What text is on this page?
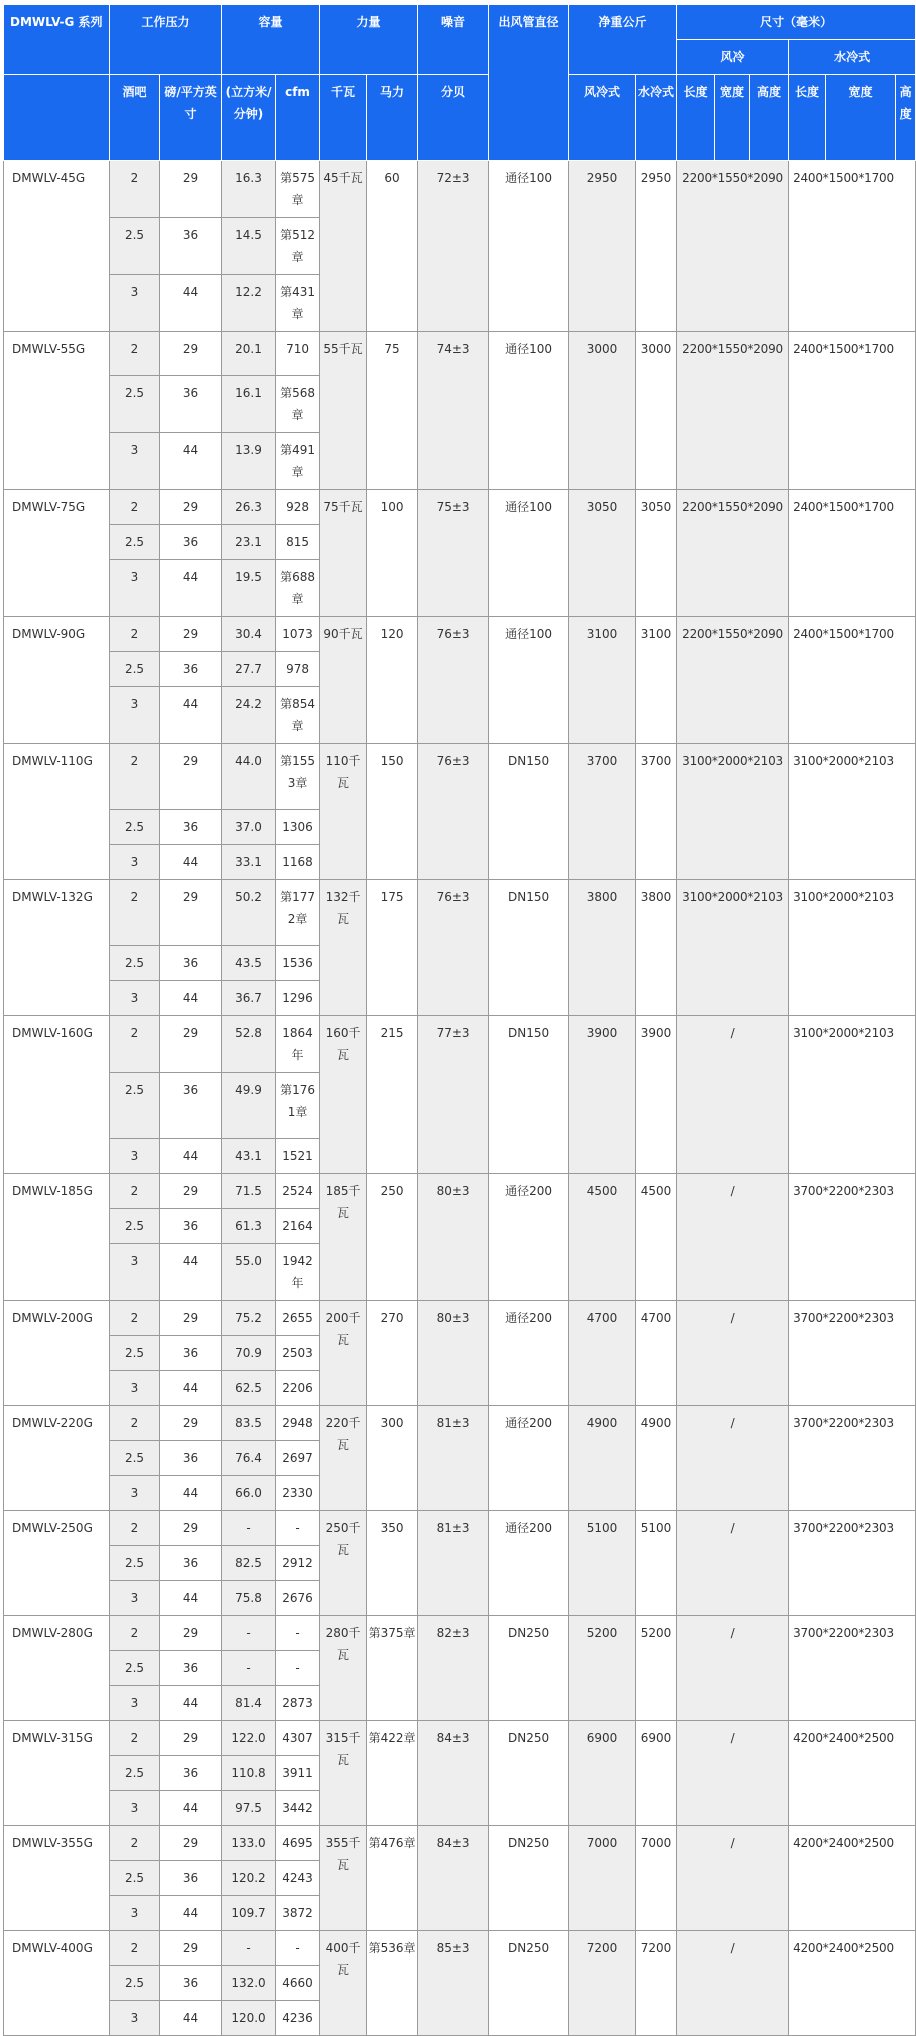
DMWLV-G 系列	工作压力		容量		力量		噪音	出风管直径	净重公斤		尺寸（毫米）					
											风冷			水冷式		
	酒吧	磅/平方英寸	(立方米/分钟)	cfm	千瓦	马力	分贝		风冷式	水冷式	长度	宽度	高度	长度	宽度	高度
DMWLV-45G	2	29	16.3	第575章	45千瓦	60	72±3	通径100	2950	2950	2200*1550*2090			2400*1500*1700		
	2.5	36	14.5	第512章												
	3	44	12.2	第431章												
DMWLV-55G	2	29	20.1	710	55千瓦	75	74±3	通径100	3000	3000	2200*1550*2090			2400*1500*1700		
	2.5	36	16.1	第568章												
	3	44	13.9	第491章												
DMWLV-75G	2	29	26.3	928	75千瓦	100	75±3	通径100	3050	3050	2200*1550*2090			2400*1500*1700		
	2.5	36	23.1	815												
	3	44	19.5	第688章												
DMWLV-90G	2	29	30.4	1073	90千瓦	120	76±3	通径100	3100	3100	2200*1550*2090			2400*1500*1700		
	2.5	36	27.7	978												
	3	44	24.2	第854章												
DMWLV-110G	2	29	44.0	第1553章	110千瓦	150	76±3	DN150	3700	3700	3100*2000*2103			3100*2000*2103		
	2.5	36	37.0	1306												
	3	44	33.1	1168												
DMWLV-132G	2	29	50.2	第1772章	132千瓦	175	76±3	DN150	3800	3800	3100*2000*2103			3100*2000*2103		
	2.5	36	43.5	1536												
	3	44	36.7	1296												
DMWLV-160G	2	29	52.8	1864年	160千瓦	215	77±3	DN150	3900	3900	/			3100*2000*2103		
	2.5	36	49.9	第1761章												
	3	44	43.1	1521												
DMWLV-185G	2	29	71.5	2524	185千瓦	250	80±3	通径200	4500	4500	/			3700*2200*2303		
	2.5	36	61.3	2164												
	3	44	55.0	1942年												
DMWLV-200G	2	29	75.2	2655	200千瓦	270	80±3	通径200	4700	4700	/			3700*2200*2303		
	2.5	36	70.9	2503												
	3	44	62.5	2206												
DMWLV-220G	2	29	83.5	2948	220千瓦	300	81±3	通径200	4900	4900	/			3700*2200*2303		
	2.5	36	76.4	2697												
	3	44	66.0	2330												
DMWLV-250G	2	29	-	-	250千瓦	350	81±3	通径200	5100	5100	/			3700*2200*2303		
	2.5	36	82.5	2912												
	3	44	75.8	2676												
DMWLV-280G	2	29	-	-	280千瓦	第375章	82±3	DN250	5200	5200	/			3700*2200*2303		
	2.5	36	-	-												
	3	44	81.4	2873												
DMWLV-315G	2	29	122.0	4307	315千瓦	第422章	84±3	DN250	6900	6900	/			4200*2400*2500		
	2.5	36	110.8	3911												
	3	44	97.5	3442												
DMWLV-355G	2	29	133.0	4695	355千瓦	第476章	84±3	DN250	7000	7000	/			4200*2400*2500		
	2.5	36	120.2	4243												
	3	44	109.7	3872												
DMWLV-400G	2	29	-	-	400千瓦	第536章	85±3	DN250	7200	7200	/			4200*2400*2500		
	2.5	36	132.0	4660												
	3	44	120.0	4236												
